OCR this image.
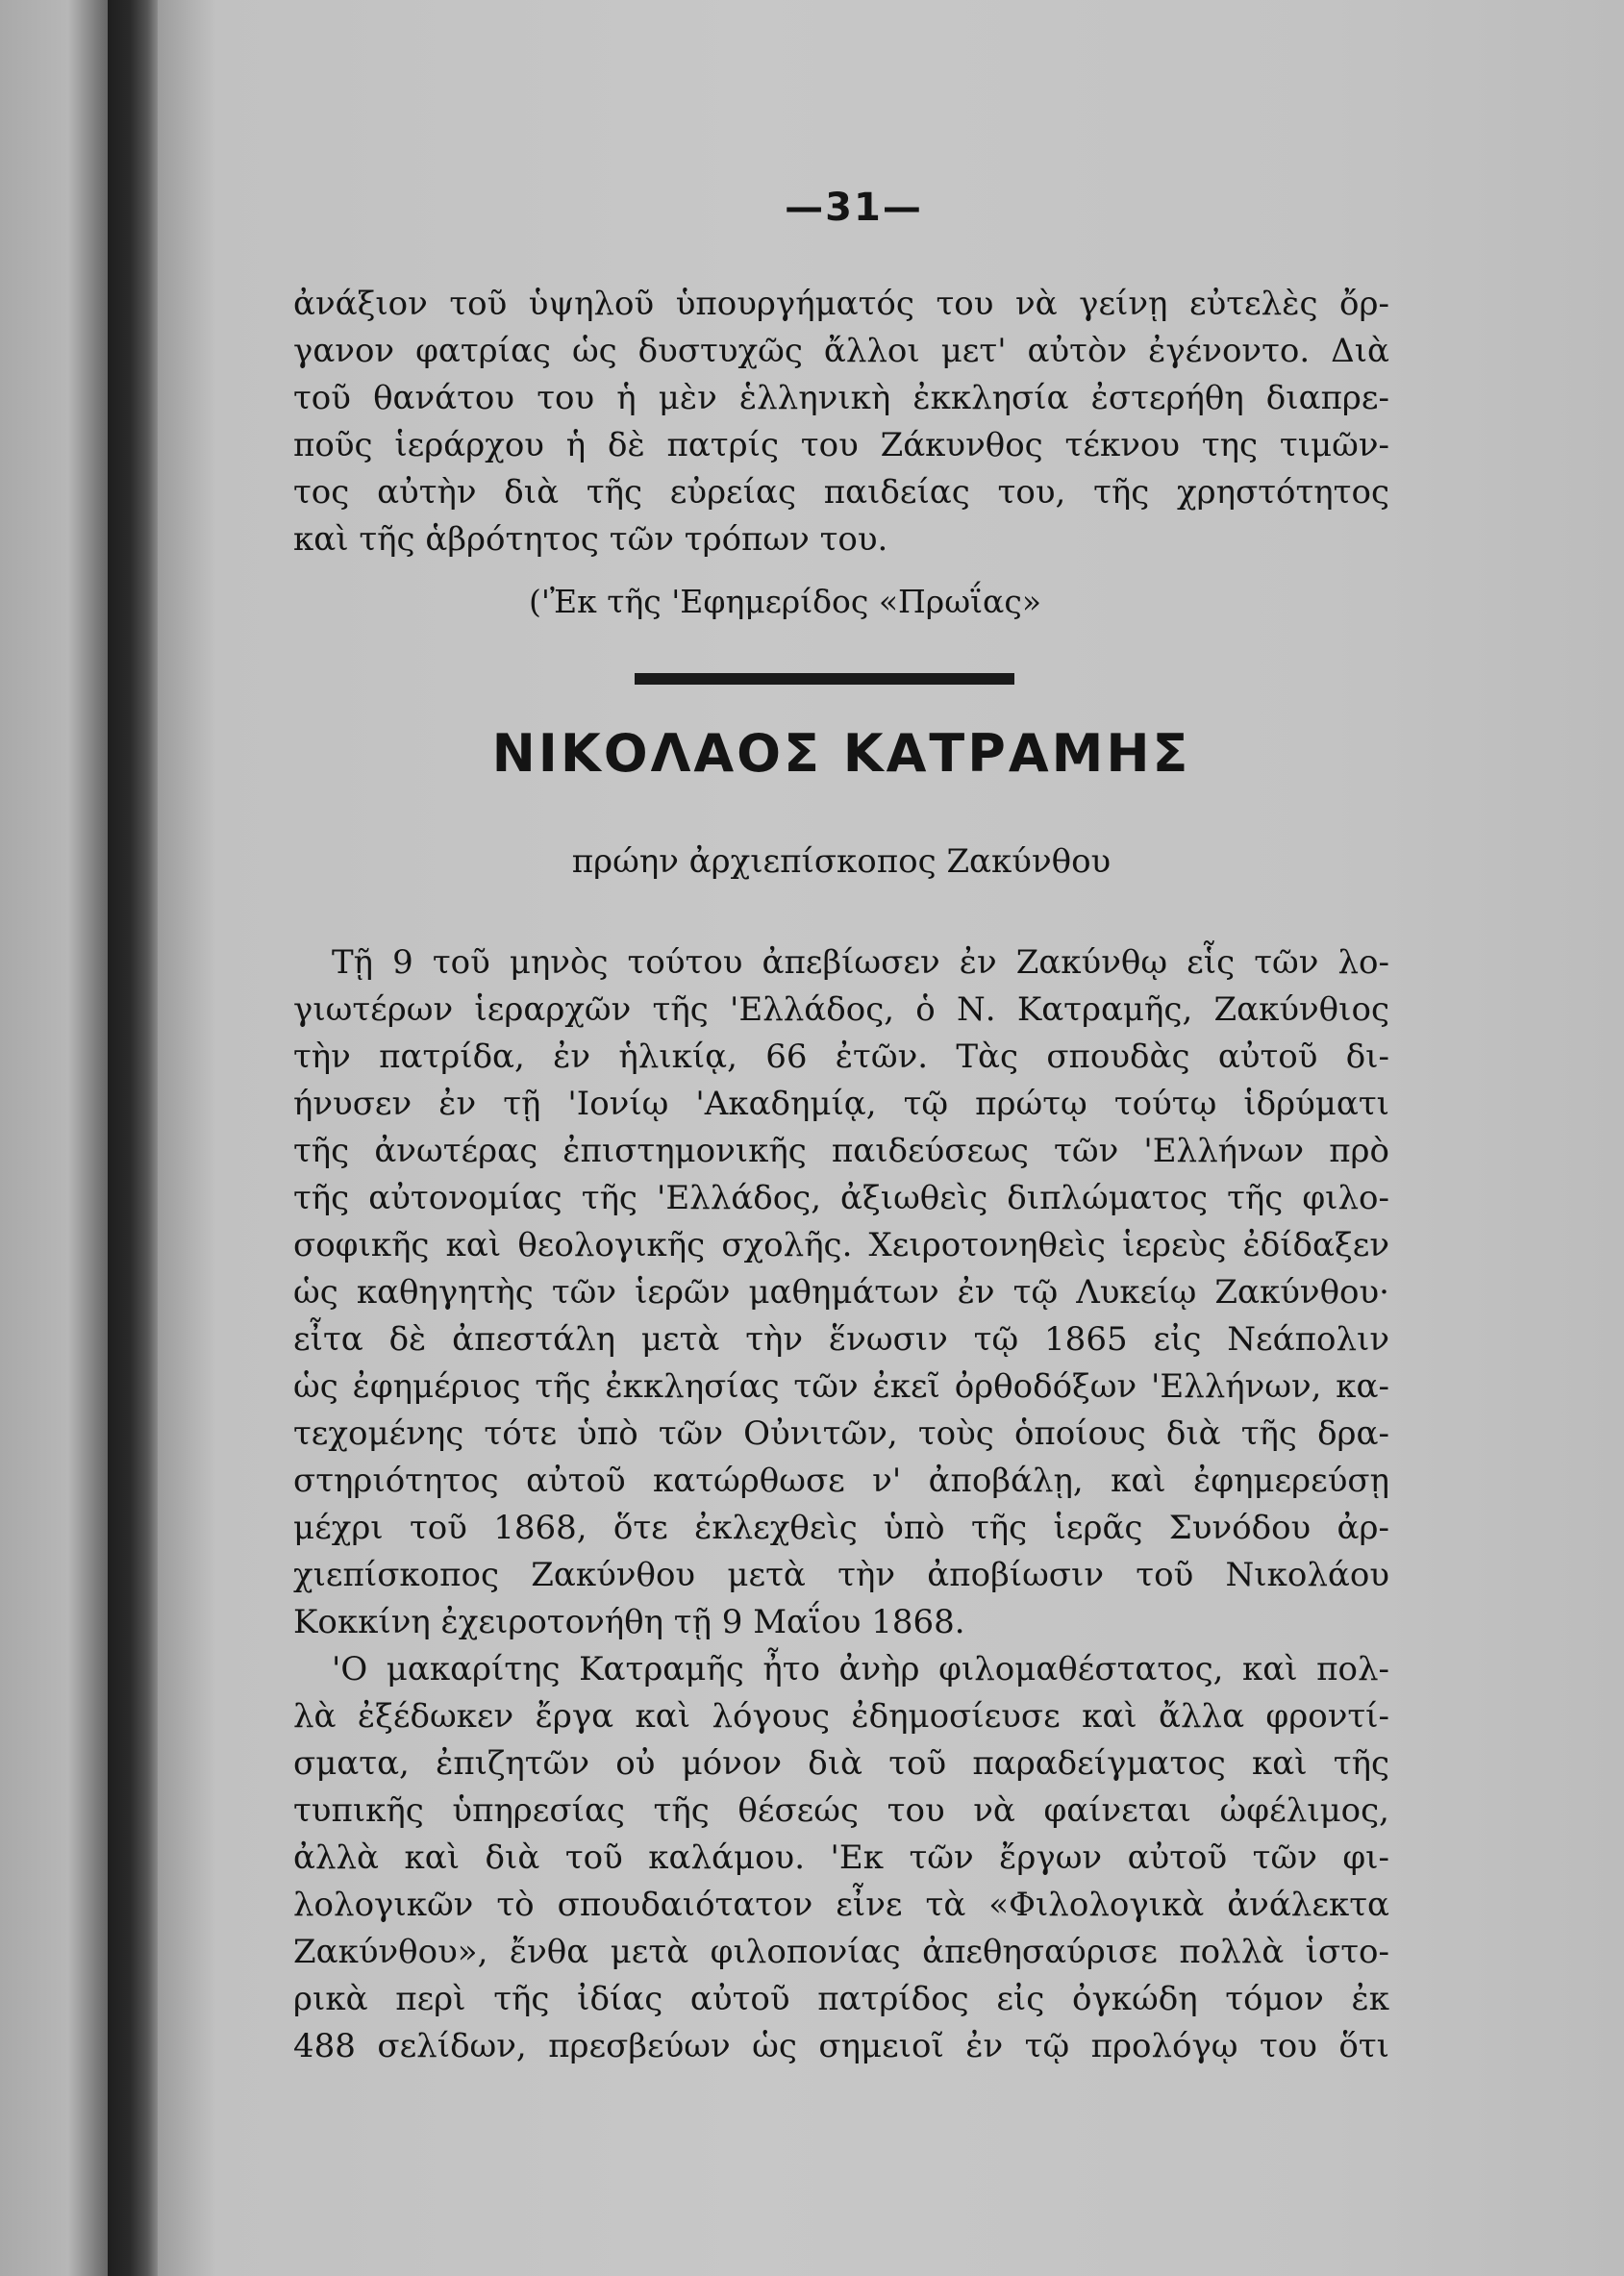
—31—
ἀνάξιον τοῦ ὑψηλοῦ ὑπουργήματός του νὰ γείνῃ εὐτελὲς ὄρ-
γανον φατρίας ὡς δυστυχῶς ἄλλοι μετ' αὐτὸν ἐγένοντο. Διὰ
τοῦ θανάτου του ἡ μὲν ἑλληνικὴ ἐκκλησία ἐστερήθη διαπρε-
ποῦς ἱεράρχου ἡ δὲ πατρίς του Ζάκυνθος τέκνου της τιμῶν-
τος αὐτὴν διὰ τῆς εὐρείας παιδείας του, τῆς χρηστότητος
καὶ τῆς ἁβρότητος τῶν τρόπων του.
Τῇ 9 τοῦ μηνὸς τούτου ἀπεβίωσεν ἐν Ζακύνθῳ εἷς τῶν λο-
γιωτέρων ἱεραρχῶν τῆς 'Ελλάδος, ὁ Ν. Κατραμῆς, Ζακύνθιος
τὴν πατρίδα, ἐν ἡλικίᾳ, 66 ἐτῶν. Τὰς σπουδὰς αὐτοῦ δι-
ήνυσεν ἐν τῇ 'Ιονίῳ 'Ακαδημίᾳ, τῷ πρώτῳ τούτῳ ἱδρύματι
τῆς ἀνωτέρας ἐπιστημονικῆς παιδεύσεως τῶν 'Ελλήνων πρὸ
τῆς αὐτονομίας τῆς 'Ελλάδος, ἀξιωθεὶς διπλώματος τῆς φιλο-
σοφικῆς καὶ θεολογικῆς σχολῆς. Χειροτονηθεὶς ἱερεὺς ἐδίδαξεν
ὡς καθηγητὴς τῶν ἱερῶν μαθημάτων ἐν τῷ Λυκείῳ Ζακύνθου·
εἶτα δὲ ἀπεστάλη μετὰ τὴν ἕνωσιν τῷ 1865 εἰς Νεάπολιν
ὡς ἐφημέριος τῆς ἐκκλησίας τῶν ἐκεῖ ὀρθοδόξων 'Ελλήνων, κα-
τεχομένης τότε ὑπὸ τῶν Οὐνιτῶν, τοὺς ὁποίους διὰ τῆς δρα-
στηριότητος αὐτοῦ κατώρθωσε ν' ἀποβάλῃ, καὶ ἐφημερεύσῃ
μέχρι τοῦ 1868, ὅτε ἐκλεχθεὶς ὑπὸ τῆς ἱερᾶς Συνόδου ἀρ-
χιεπίσκοπος Ζακύνθου μετὰ τὴν ἀποβίωσιν τοῦ Νικολάου
Κοκκίνη ἐχειροτονήθη τῇ 9 Μαΐου 1868.
'Ο μακαρίτης Κατραμῆς ἦτο ἀνὴρ φιλομαθέστατος, καὶ πολ-
λὰ ἐξέδωκεν ἔργα καὶ λόγους ἐδημοσίευσε καὶ ἄλλα φροντί-
σματα, ἐπιζητῶν οὐ μόνον διὰ τοῦ παραδείγματος καὶ τῆς
τυπικῆς ὑπηρεσίας τῆς θέσεώς του νὰ φαίνεται ὠφέλιμος,
ἀλλὰ καὶ διὰ τοῦ καλάμου. 'Εκ τῶν ἔργων αὐτοῦ τῶν φι-
λολογικῶν τὸ σπουδαιότατον εἶνε τὰ «Φιλολογικὰ ἀνάλεκτα
Ζακύνθου», ἔνθα μετὰ φιλοπονίας ἀπεθησαύρισε πολλὰ ἱστο-
ρικὰ περὶ τῆς ἰδίας αὐτοῦ πατρίδος εἰς ὀγκώδη τόμον ἐκ
488 σελίδων, πρεσβεύων ὡς σημειοῖ ἐν τῷ προλόγῳ του ὅτι
('Ἐκ τῆς 'Εφημερίδος «Πρωΐας»
ΝΙΚΟΛΑΟΣ ΚΑΤΡΑΜΗΣ
πρώην ἀρχιεπίσκοπος Ζακύνθου
